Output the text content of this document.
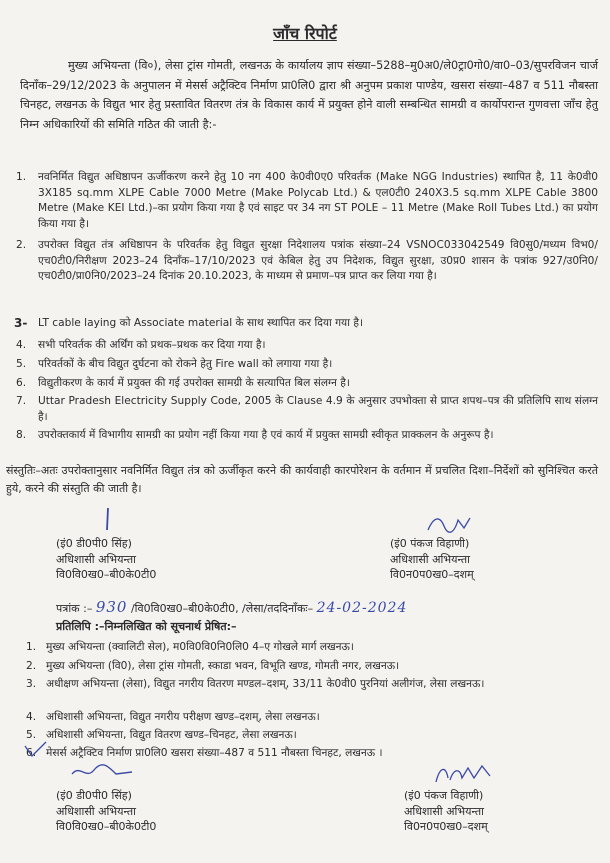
जाँच रिपोर्ट
मुख्य अभियन्ता (वि०), लेसा ट्रांस गोमती, लखनऊ के कार्यालय ज्ञाप संख्या–5288–मु0अ0/ले0ट्रा0गो0/वा0–03/सुपरविजन चार्ज दिनाँक–29/12/2023 के अनुपालन में मेसर्स अट्रैक्टिव निर्माण प्रा0लि0 द्वारा श्री अनुपम प्रकाश पाण्डेय, खसरा संख्या–487 व 511 नौबस्ता चिनहट, लखनऊ के विद्युत भार हेतु प्रस्तावित वितरण तंत्र के विकास कार्य में प्रयुक्त होने वाली सम्बन्धित सामग्री व कार्योपरान्त गुणवत्ता जाँच हेतु निम्न अधिकारियों की समिति गठित की जाती है:-
1. नवनिर्मित विद्युत अधिष्ठापन ऊर्जीकरण करने हेतु 10 नग 400 के0वी0ए0 परिवर्तक (Make NGG Industries) स्थापित है, 11 के0वी0 3X185 sq.mm XLPE Cable 7000 Metre (Make Polycab Ltd.) & एल0टी0 240X3.5 sq.mm XLPE Cable 3800 Metre (Make KEI Ltd.)–का प्रयोग किया गया है एवं साइट पर 34 नग ST POLE – 11 Metre (Make Roll Tubes Ltd.) का प्रयोग किया गया है।
2. उपरोक्त विद्युत तंत्र अधिष्ठापन के परिवर्तक हेतु विद्युत सुरक्षा निदेशालय पत्रांक संख्या–24 VSNOC033042549 वि0सु0/मध्यम विभ0/एच0टी0/निरीक्षण 2023–24 दिनाँक–17/10/2023 एवं केबिल हेतु उप निदेशक, विद्युत सुरक्षा, उ0प्र0 शासन के पत्रांक 927/उ0नि0/एच0टी0/प्रा0नि0/2023–24 दिनांक 20.10.2023, के माध्यम से प्रमाण–पत्र प्राप्त कर लिया गया है।
3- LT cable laying को Associate material के साथ स्थापित कर दिया गया है।
4. सभी परिवर्तक की अर्थिंग को प्रथक–प्रथक कर दिया गया है।
5. परिवर्तकों के बीच विद्युत दुर्घटना को रोकने हेतु Fire wall को लगाया गया है।
6. विद्युतीकरण के कार्य में प्रयुक्त की गई उपरोक्त सामग्री के सत्यापित बिल संलग्न है।
7. Uttar Pradesh Electricity Supply Code, 2005 के Clause 4.9 के अनुसार उपभोक्ता से प्राप्त शपथ–पत्र की प्रतिलिपि साथ संलग्न है।
8. उपरोक्तकार्य में विभागीय सामग्री का प्रयोग नहीं किया गया है एवं कार्य में प्रयुक्त सामग्री स्वीकृत प्राक्कलन के अनुरूप है।
संस्तुतिः–अतः उपरोक्तानुसार नवनिर्मित विद्युत तंत्र को ऊर्जीकृत करने की कार्यवाही कारपोरेशन के वर्तमान में प्रचलित दिशा–निर्देशों को सुनिश्चित करते हुये, करने की संस्तुति की जाती है।
(इं0 डी0पी0 सिंह)
अधिशासी अभियन्ता
वि0वि0ख0–बी0के0टी0
(इं0 पंकज विहाणी)
अधिशासी अभियन्ता
वि0न0प0ख0–दशम्
पत्रांक :– 930 /वि0वि0ख0–बी0के0टी0, /लेसा/तददिनाँकः– 24-02-2024
प्रतिलिपि :–निम्नलिखित को सूचनार्थ प्रेषित:–
1. मुख्य अभियन्ता (क्वालिटी सेल), म0वि0वि0नि0लि0 4–ए गोखले मार्ग लखनऊ।
2. मुख्य अभियन्ता (वि0), लेसा ट्रांस गोमती, स्काडा भवन, विभूति खण्ड, गोमती नगर, लखनऊ।
3. अधीक्षण अभियन्ता (लेसा), विद्युत नगरीय वितरण मण्डल–दशम्, 33/11 के0वी0 पुरनियां अलीगंज, लेसा लखनऊ।
4. अधिशासी अभियन्ता, विद्युत नगरीय परीक्षण खण्ड–दशम्, लेसा लखनऊ।
5. अधिशासी अभियन्ता, विद्युत वितरण खण्ड–चिनहट, लेसा लखनऊ।
6. मेसर्स अट्रैक्टिव निर्माण प्रा0लि0 खसरा संख्या–487 व 511 नौबस्ता चिनहट, लखनऊ ।
(इं0 डी0पी0 सिंह)
अधिशासी अभियन्ता
वि0वि0ख0–बी0के0टी0
(इं0 पंकज विहाणी)
अधिशासी अभियन्ता
वि0न0प0ख0–दशम्
